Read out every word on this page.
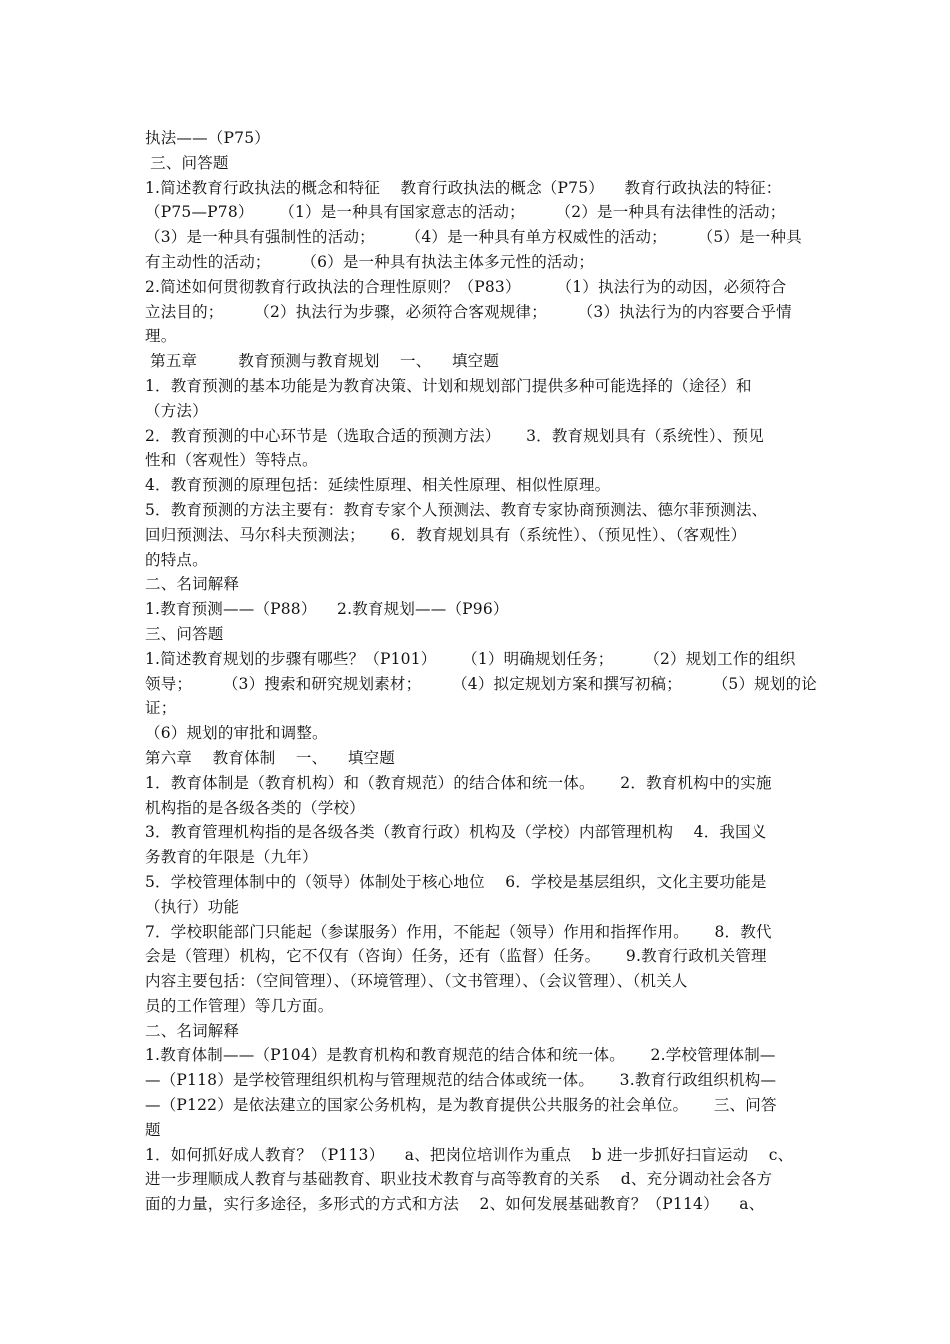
执法——（P75）
三、问答题
1.简述教育行政执法的概念和特征    教育行政执法的概念（P75）    教育行政执法的特征：
（P75—P78）     （1）是一种具有国家意志的活动；      （2）是一种具有法律性的活动；
（3）是一种具有强制性的活动；      （4）是一种具有单方权威性的活动；      （5）是一种具
有主动性的活动；      （6）是一种具有执法主体多元性的活动；
2.简述如何贯彻教育行政执法的合理性原则？（P83）       （1）执法行为的动因，必须符合
立法目的；      （2）执法行为步骤，必须符合客观规律；      （3）执法行为的内容要合乎情
理。
第五章        教育预测与教育规划    一、    填空题
1．教育预测的基本功能是为教育决策、计划和规划部门提供多种可能选择的（途径）和
（方法）
2．教育预测的中心环节是（选取合适的预测方法）     3．教育规划具有（系统性）、预见
性和（客观性）等特点。
4．教育预测的原理包括：延续性原理、相关性原理、相似性原理。
5．教育预测的方法主要有：教育专家个人预测法、教育专家协商预测法、德尔菲预测法、
回归预测法、马尔科夫预测法；     6．教育规划具有（系统性）、（预见性）、（客观性）
的特点。
二、名词解释
1.教育预测——（P88）    2.教育规划——（P96）
三、问答题
1.简述教育规划的步骤有哪些？（P101）     （1）明确规划任务；      （2）规划工作的组织
领导；      （3）搜索和研究规划素材；      （4）拟定规划方案和撰写初稿；      （5）规划的论
证；
（6）规划的审批和调整。
第六章    教育体制    一、    填空题
1．教育体制是（教育机构）和（教育规范）的结合体和统一体。     2．教育机构中的实施
机构指的是各级各类的（学校）
3．教育管理机构指的是各级各类（教育行政）机构及（学校）内部管理机构    4．我国义
务教育的年限是（九年）
5．学校管理体制中的（领导）体制处于核心地位    6．学校是基层组织，文化主要功能是
（执行）功能
7．学校职能部门只能起（参谋服务）作用，不能起（领导）作用和指挥作用。     8．教代
会是（管理）机构，它不仅有（咨询）任务，还有（监督）任务。     9.教育行政机关管理
内容主要包括：（空间管理）、（环境管理）、（文书管理）、（会议管理）、（机关人
员的工作管理）等几方面。
二、名词解释
1.教育体制——（P104）是教育机构和教育规范的结合体和统一体。     2.学校管理体制—
—（P118）是学校管理组织机构与管理规范的结合体或统一体。     3.教育行政组织机构—
—（P122）是依法建立的国家公务机构，是为教育提供公共服务的社会单位。     三、问答
题
1．如何抓好成人教育？（P113）    a、把岗位培训作为重点    b 进一步抓好扫盲运动    c、
进一步理顺成人教育与基础教育、职业技术教育与高等教育的关系    d、充分调动社会各方
面的力量，实行多途径，多形式的方式和方法    2、如何发展基础教育？（P114）    a、
